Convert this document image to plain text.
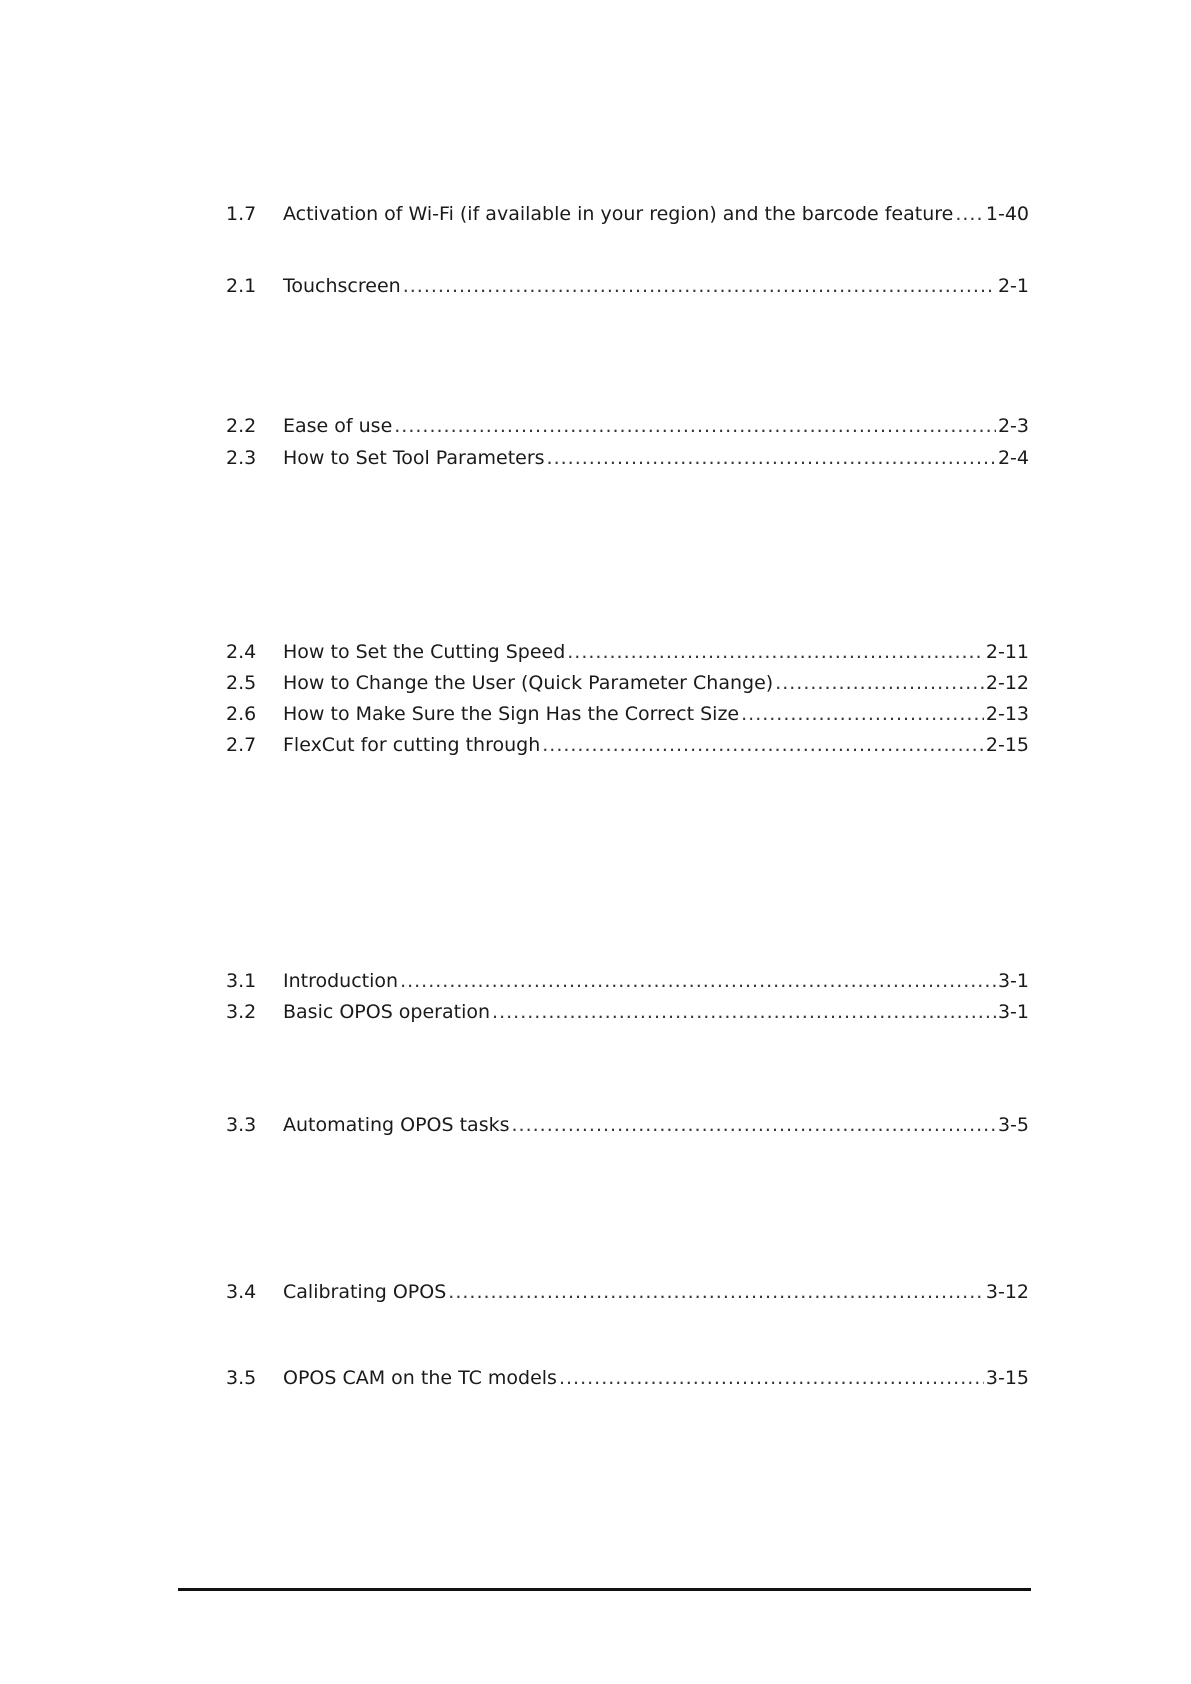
1.7	Activation of Wi-Fi (if available in your region) and the barcode feature ..... 1-40
2.1	Touchscreen .....	2-1
2.2	Ease of use .....	2-3
2.3	How to Set Tool Parameters .....	2-4
2.4	How to Set the Cutting Speed .....	2-11
2.5	How to Change the User (Quick Parameter Change) .....	2-12
2.6	How to Make Sure the Sign Has the Correct Size .....	2-13
2.7	FlexCut for cutting through .....	2-15
3.1	Introduction .....	3-1
3.2	Basic OPOS operation .....	3-1
3.3	Automating OPOS tasks .....	3-5
3.4	Calibrating OPOS .....	3-12
3.5	OPOS CAM on the TC models .....	3-15
